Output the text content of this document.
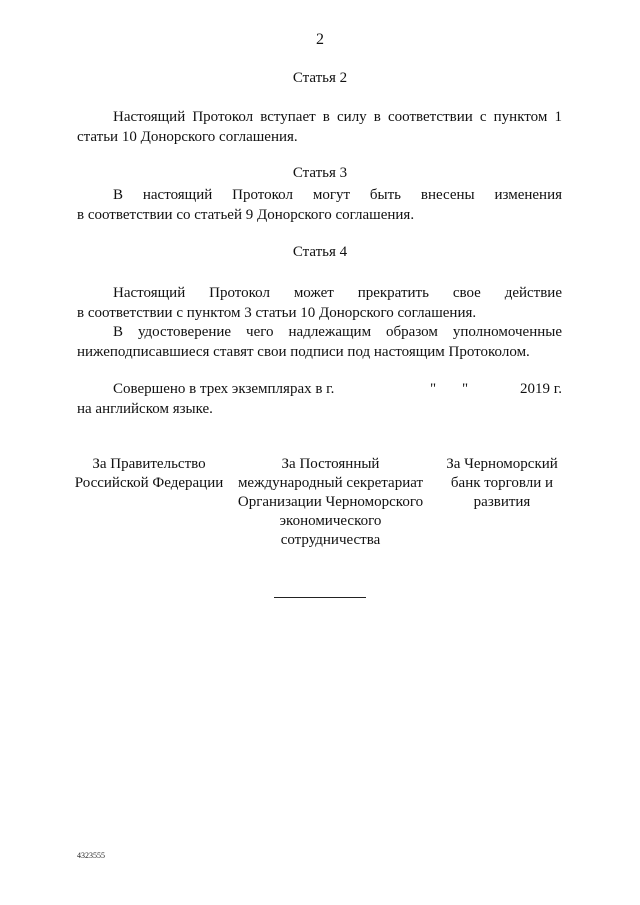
2
Статья 2
Настоящий Протокол вступает в силу в соответствии с пунктом 1
статьи 10 Донорского соглашения.
Статья 3
В настоящий Протокол могут быть внесены изменения
в соответствии со статьей 9 Донорского соглашения.
Статья 4
Настоящий Протокол может прекратить свое действие
в соответствии с пунктом 3 статьи 10 Донорского соглашения.
В удостоверение чего надлежащим образом уполномоченные
нижеподписавшиеся ставят свои подписи под настоящим Протоколом.
Совершено в трех экземплярах в г.	" "	2019 г.
на английском языке.
За Правительство
Российской Федерации
За Постоянный
международный секретариат
Организации Черноморского
экономического
сотрудничества
За Черноморский
банк торговли и
развития
4323555
